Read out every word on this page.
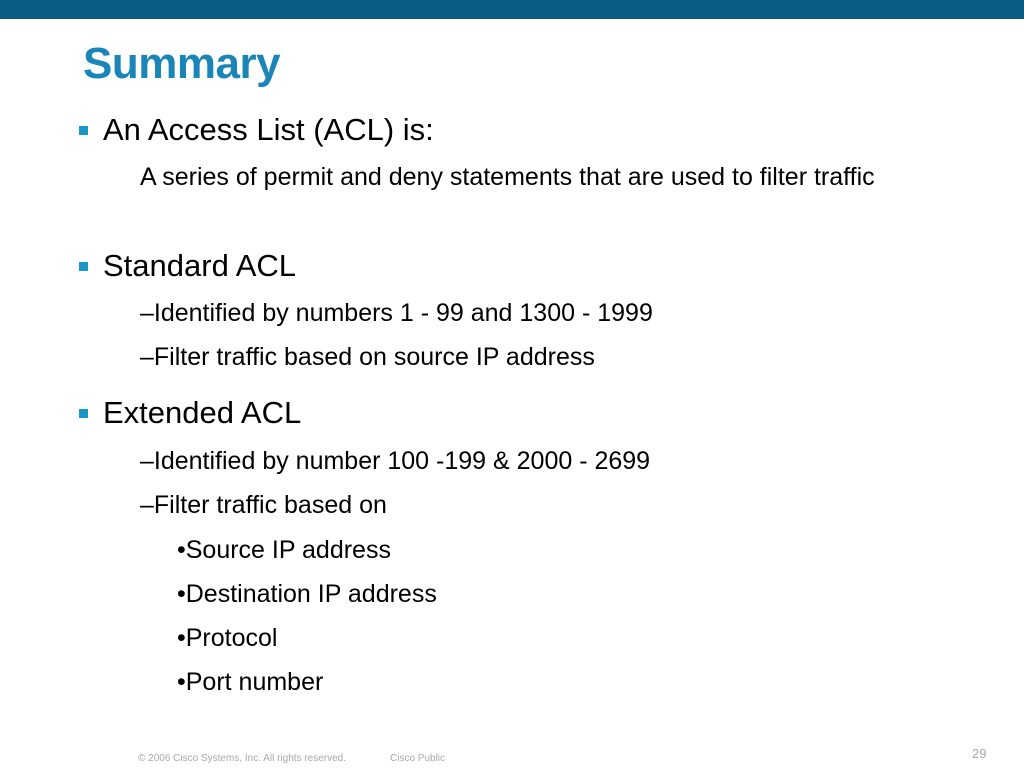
Summary
An Access List (ACL) is:
A series of permit and deny statements that are used to filter traffic
Standard ACL
–Identified by numbers 1 - 99 and 1300 - 1999
–Filter traffic based on source IP address
Extended ACL
–Identified by number 100 -199 & 2000 - 2699
–Filter traffic based on
•Source IP address
•Destination IP address
•Protocol
•Port number
© 2006 Cisco Systems, Inc. All rights reserved.	Cisco Public	29
